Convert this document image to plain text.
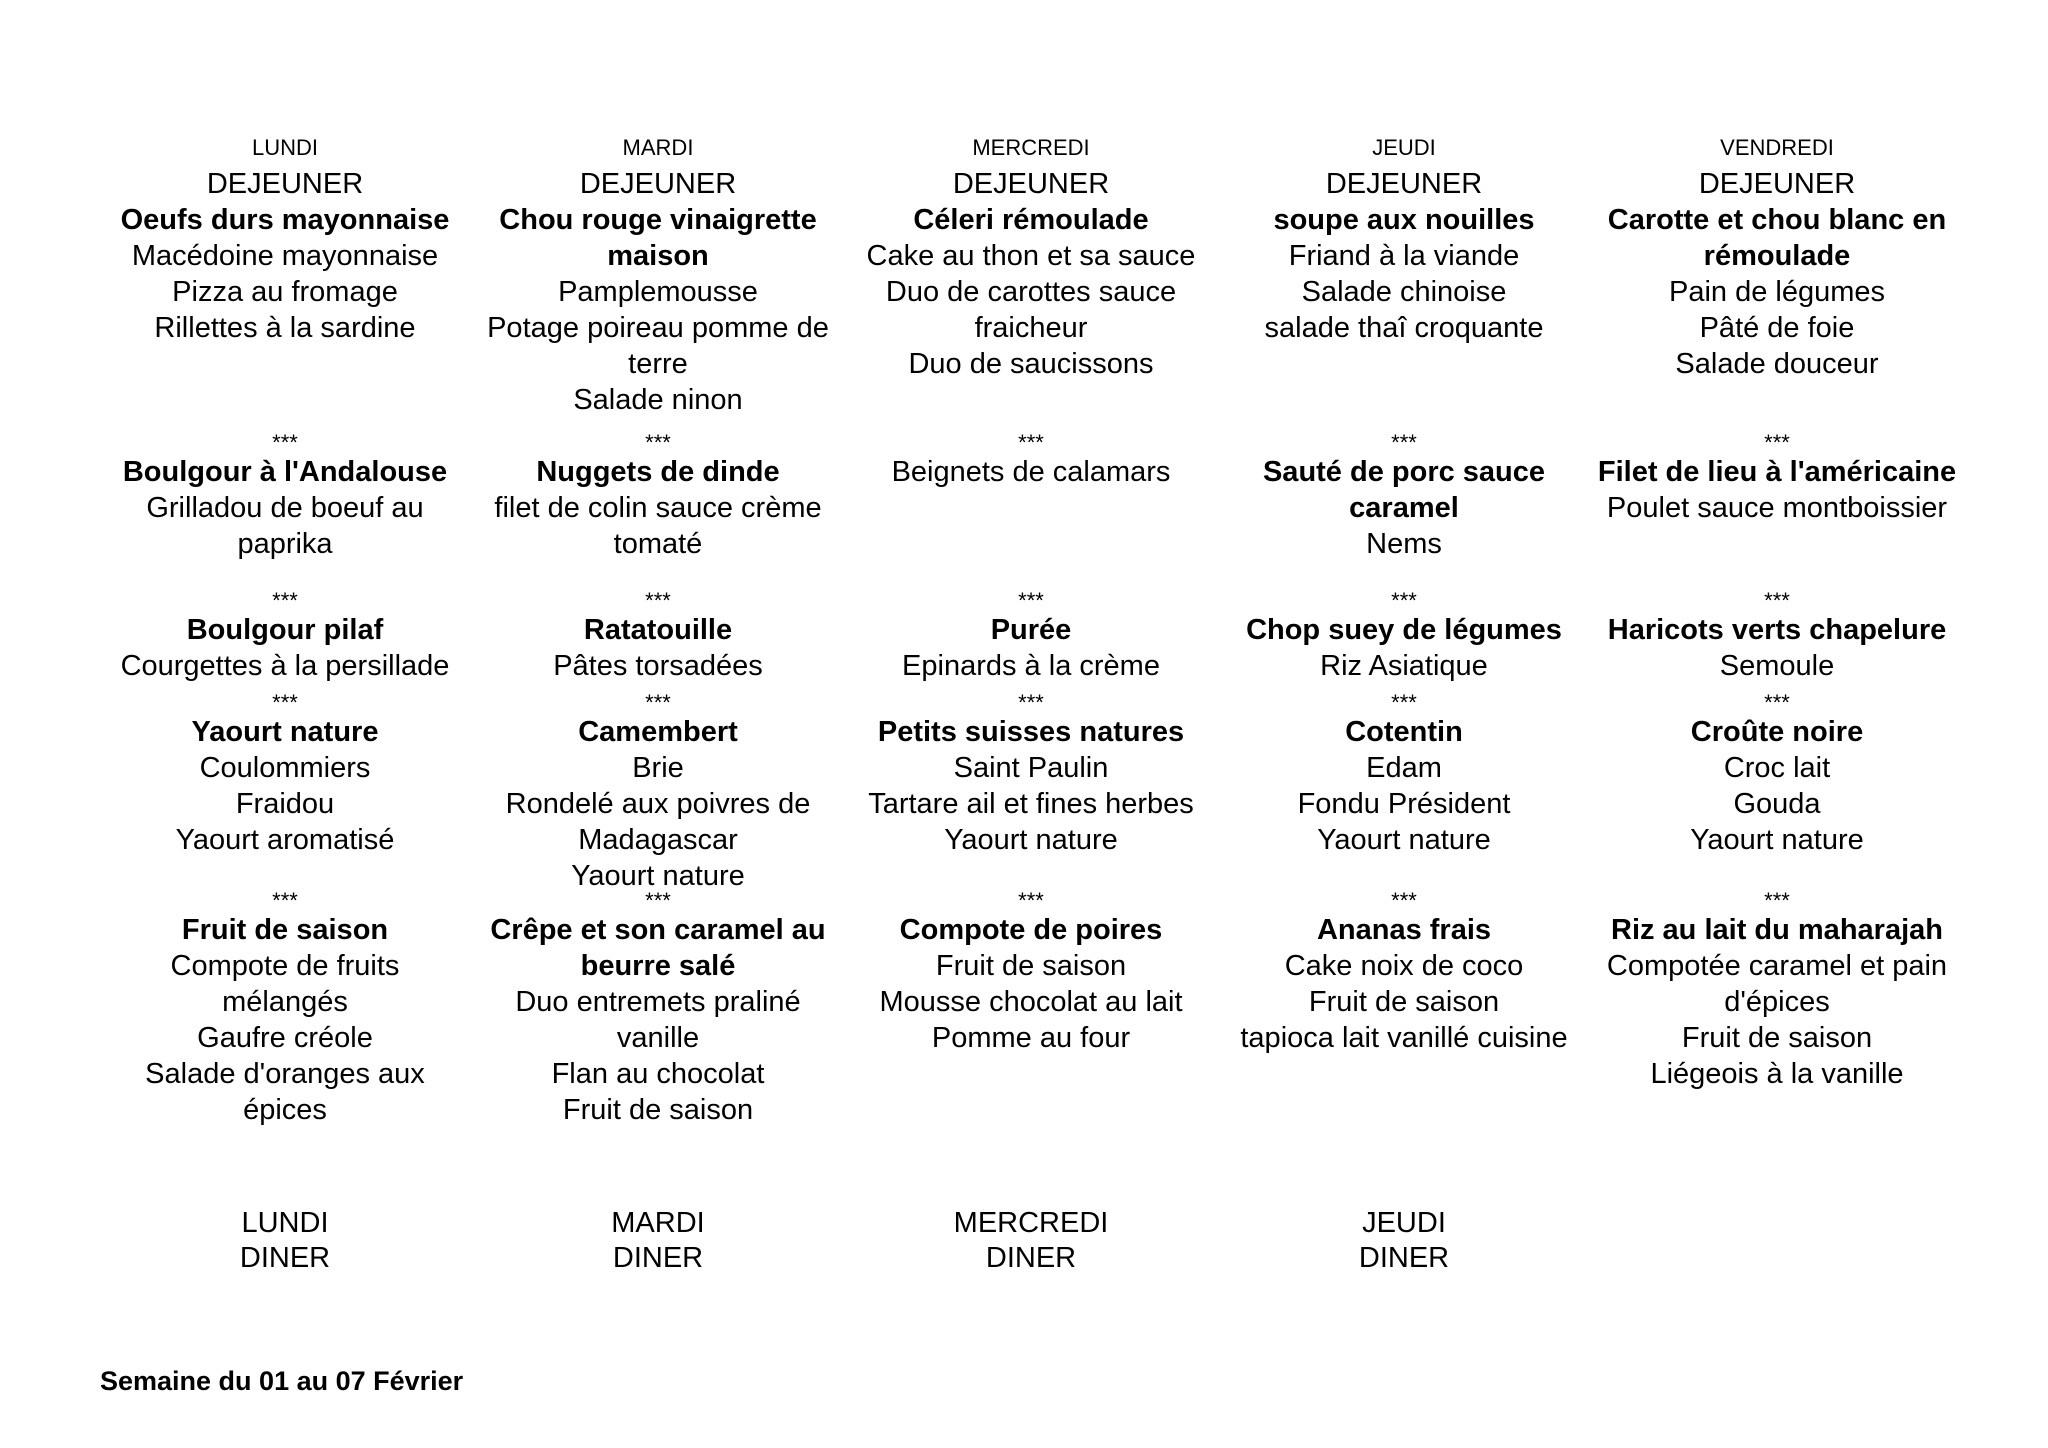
LUNDI
DEJEUNER
Oeufs durs mayonnaise
Macédoine mayonnaise
Pizza au fromage
Rillettes à la sardine
***
Boulgour à l'Andalouse
Grilladou de boeuf au paprika
***
Boulgour pilaf
Courgettes à la persillade
***
Yaourt nature
Coulommiers
Fraidou
Yaourt aromatisé
***
Fruit de saison
Compote de fruits mélangés
Gaufre créole
Salade d'oranges aux épices
MARDI
DEJEUNER
Chou rouge vinaigrette maison
Pamplemousse
Potage poireau pomme de terre
Salade ninon
***
Nuggets de dinde
filet de colin sauce crème tomaté
***
Ratatouille
Pâtes torsadées
***
Camembert
Brie
Rondelé aux poivres de Madagascar
Yaourt nature
***
Crêpe et son caramel au beurre salé
Duo entremets praliné vanille
Flan au chocolat
Fruit de saison
MERCREDI
DEJEUNER
Céleri rémoulade
Cake au thon et sa sauce
Duo de carottes sauce fraicheur
Duo de saucissons
***
Beignets de calamars
***
Purée
Epinards à la crème
***
Petits suisses natures
Saint Paulin
Tartare ail et fines herbes
Yaourt nature
***
Compote de poires
Fruit de saison
Mousse chocolat au lait
Pomme au four
JEUDI
DEJEUNER
soupe aux nouilles
Friand à la viande
Salade chinoise
salade thaî croquante
***
Sauté de porc sauce caramel
Nems
***
Chop suey de légumes
Riz Asiatique
***
Cotentin
Edam
Fondu Président
Yaourt nature
***
Ananas frais
Cake noix de coco
Fruit de saison
tapioca lait vanillé cuisine
VENDREDI
DEJEUNER
Carotte et chou blanc en rémoulade
Pain de légumes
Pâté de foie
Salade douceur
***
Filet de lieu à l'américaine
Poulet sauce montboissier
***
Haricots verts chapelure
Semoule
***
Croûte noire
Croc lait
Gouda
Yaourt nature
***
Riz au lait du maharajah
Compotée caramel et pain d'épices
Fruit de saison
Liégeois à la vanille
LUNDI
DINER
MARDI
DINER
MERCREDI
DINER
JEUDI
DINER
Semaine du 01 au 07 Février
